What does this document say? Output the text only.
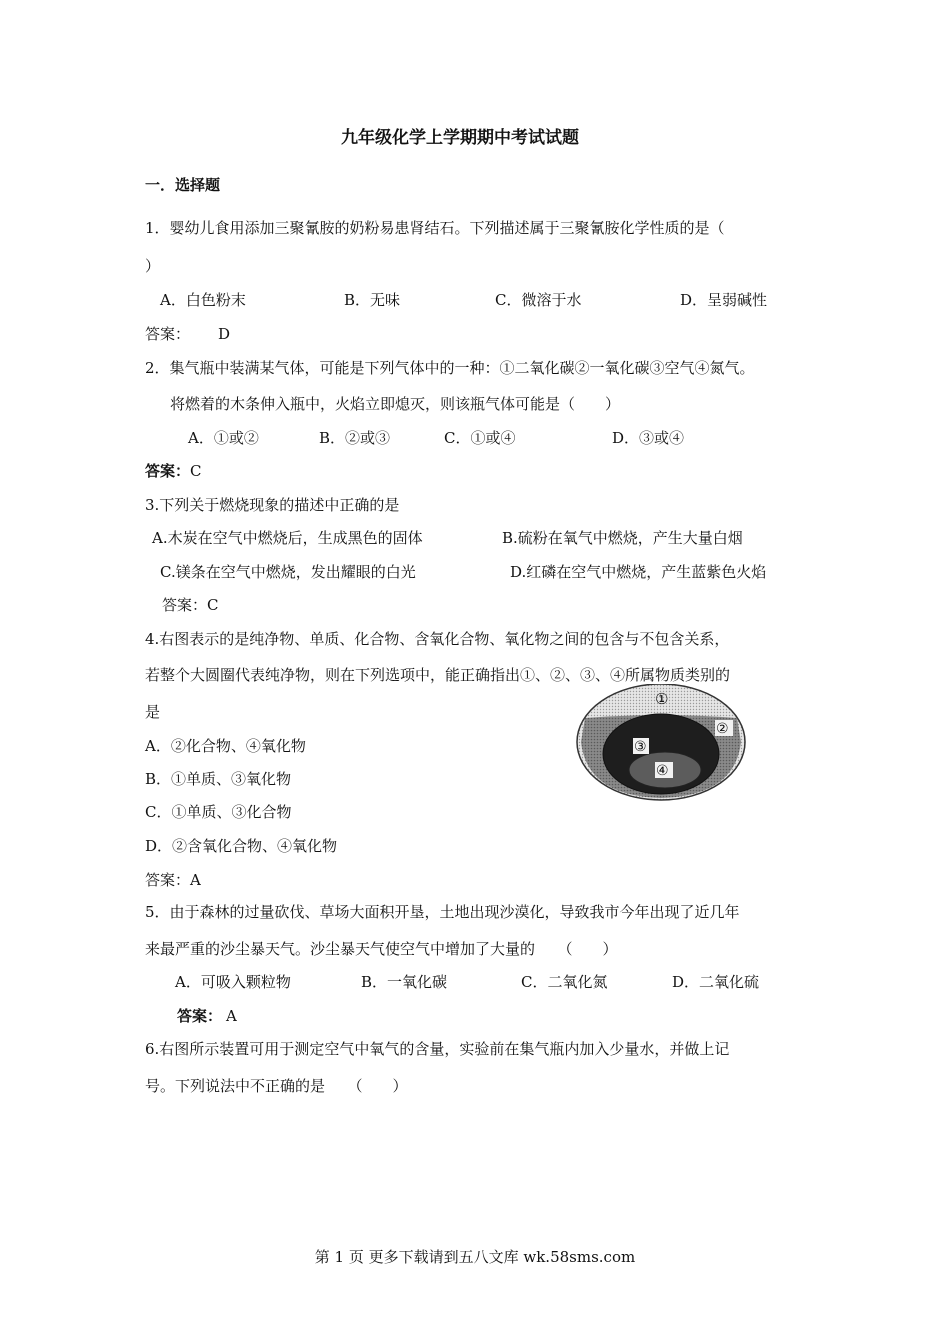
九年级化学上学期期中考试试题
一．选择题
1．婴幼儿食用添加三聚氰胺的奶粉易患肾结石。下列描述属于三聚氰胺化学性质的是（
）
A．白色粉末	B．无味	C．微溶于水	D．呈弱碱性
答案： D
2．集气瓶中装满某气体，可能是下列气体中的一种：①二氧化碳②一氧化碳③空气④氮气。
将燃着的木条伸入瓶中，火焰立即熄灭，则该瓶气体可能是（　　）
A．①或②	B．②或③	C．①或④	D．③或④
答案： C
3.下列关于燃烧现象的描述中正确的是
A.木炭在空气中燃烧后，生成黑色的固体	B.硫粉在氧气中燃烧，产生大量白烟
C.镁条在空气中燃烧，发出耀眼的白光	D.红磷在空气中燃烧，产生蓝紫色火焰
答案：C
4.右图表示的是纯净物、单质、化合物、含氧化合物、氧化物之间的包含与不包含关系，
若整个大圆圈代表纯净物，则在下列选项中，能正确指出①、②、③、④所属物质类别的
是
A．②化合物、④氧化物
B．①单质、③氧化物
C．①单质、③化合物
D．②含氧化合物、④氧化物
答案：A
①
②
③
④
5．由于森林的过量砍伐、草场大面积开垦，土地出现沙漠化，导致我市今年出现了近几年
来最严重的沙尘暴天气。沙尘暴天气使空气中增加了大量的　　（　　）
A．可吸入颗粒物	B．一氧化碳	C．二氧化氮	D．二氧化硫
答案： A
6.右图所示装置可用于测定空气中氧气的含量，实验前在集气瓶内加入少量水，并做上记
号。下列说法中不正确的是　　（　　）
第 1 页 更多下载请到五八文库 wk.58sms.com
